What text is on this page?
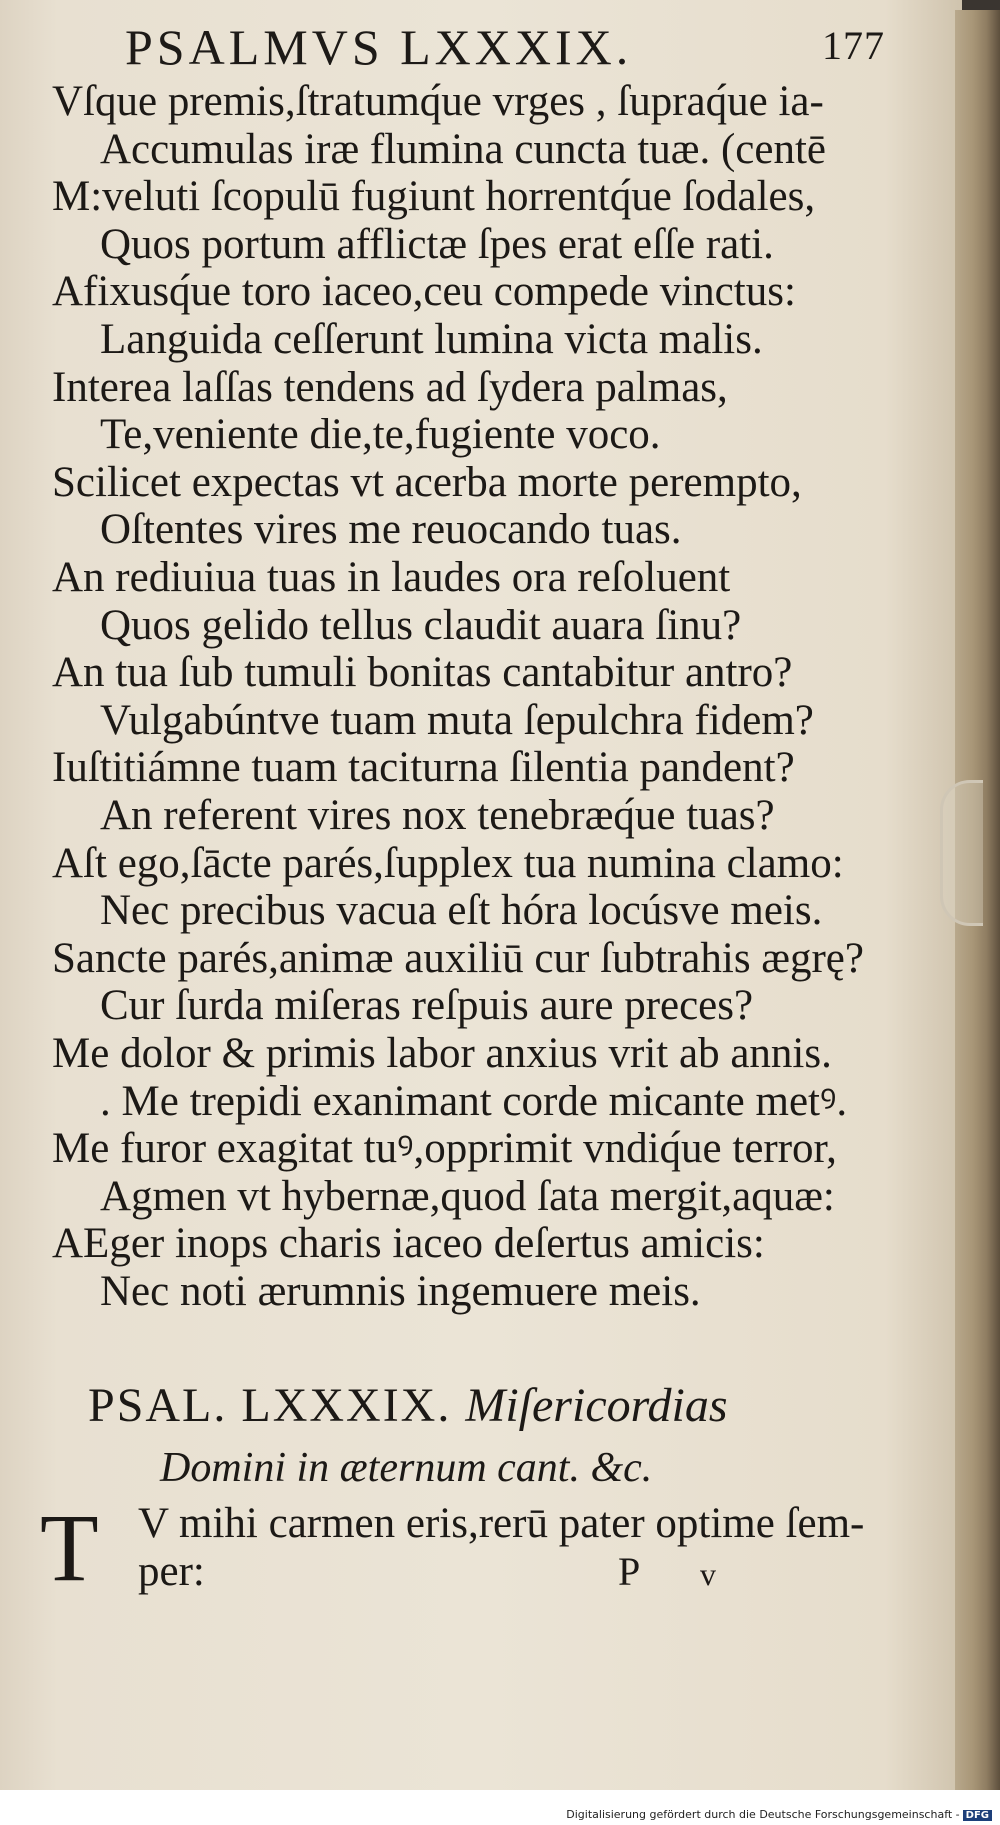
PSALMVS LXXXIX.	177
PSAL. LXXXIX. Miſericordias
Domini in æternum cant. &c.
T V mihi carmen eris,rerū pater optime ſem-
per:	P v
Vſque premis,ſtratumq́ue vrges , ſupraq́ue ia-
Accumulas iræ flumina cuncta tuæ. (centē
M:veluti ſcopulū fugiunt horrentq́ue ſodales,
Quos portum afflictæ ſpes erat eſſe rati.
Afixusq́ue toro iaceo,ceu compede vinctus:
Languida ceſſerunt lumina victa malis.
Interea laſſas tendens ad ſydera palmas,
Te,veniente die,te,fugiente voco.
Scilicet expectas vt acerba morte perempto,
Oſtentes vires me reuocando tuas.
An rediuiua tuas in laudes ora reſoluent
Quos gelido tellus claudit auara ſinu?
An tua ſub tumuli bonitas cantabitur antro?
Vulgabúntve tuam muta ſepulchra fidem?
Iuſtitiámne tuam taciturna ſilentia pandent?
An referent vires nox tenebræq́ue tuas?
Aſt ego,ſācte parés,ſupplex tua numina clamo:
Nec precibus vacua eſt hóra locúsve meis.
Sancte parés,animæ auxiliū cur ſubtrahis ægrę?
Cur ſurda miſeras reſpuis aure preces?
Me dolor & primis labor anxius vrit ab annis.
. Me trepidi exanimant corde micante metꝰ.
Me furor exagitat tuꝰ,opprimit vndiq́ue terror,
Agmen vt hybernæ,quod ſata mergit,aquæ:
AEger inops charis iaceo deſertus amicis:
Nec noti ærumnis ingemuere meis.
Digitalisierung gefördert durch die Deutsche Forschungsgemeinschaft - DFG
